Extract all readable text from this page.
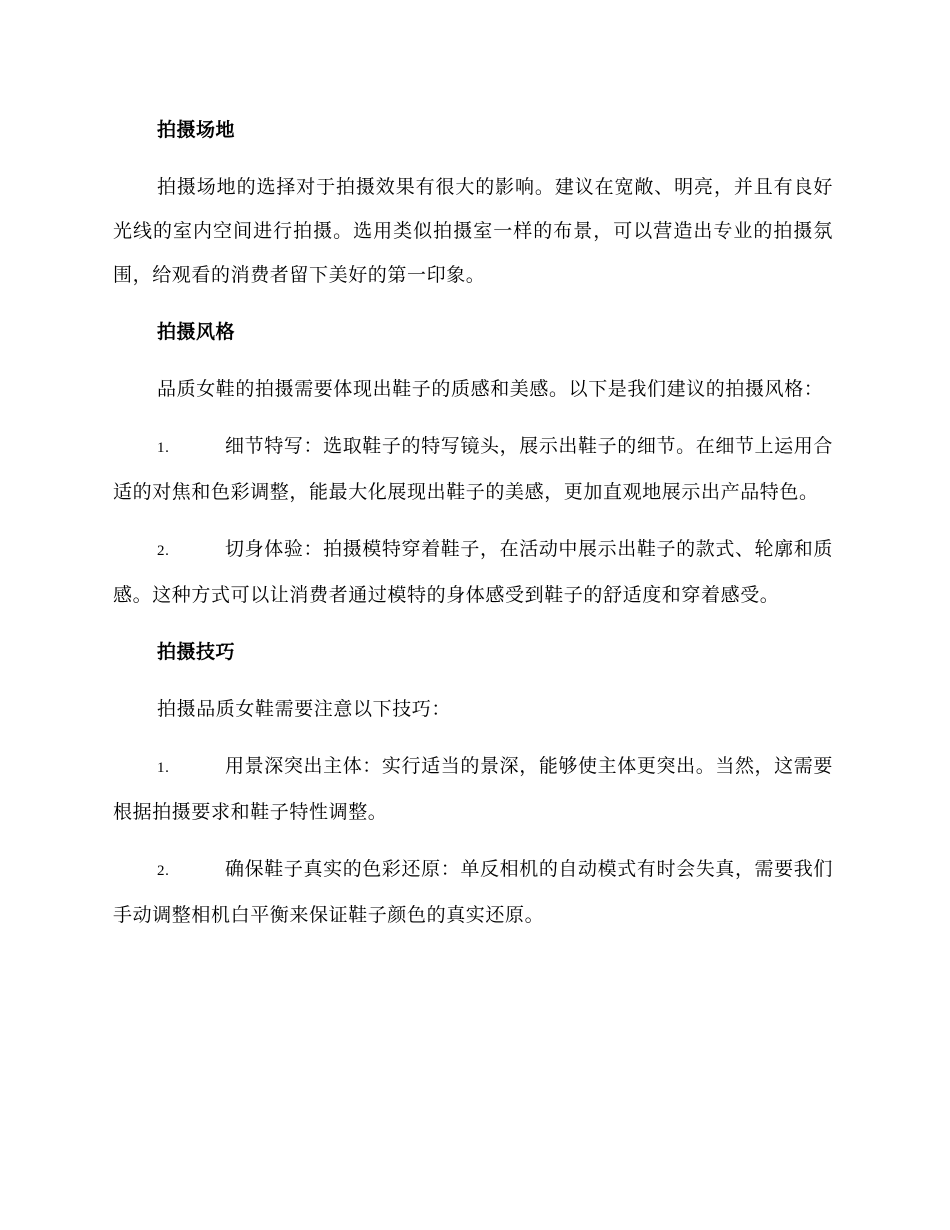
拍摄场地
拍摄场地的选择对于拍摄效果有很大的影响。建议在宽敞、明亮，并且有良好光线的室内空间进行拍摄。选用类似拍摄室一样的布景，可以营造出专业的拍摄氛围，给观看的消费者留下美好的第一印象。
拍摄风格
品质女鞋的拍摄需要体现出鞋子的质感和美感。以下是我们建议的拍摄风格：
1.	细节特写：选取鞋子的特写镜头，展示出鞋子的细节。在细节上运用合适的对焦和色彩调整，能最大化展现出鞋子的美感，更加直观地展示出产品特色。
2.	切身体验：拍摄模特穿着鞋子，在活动中展示出鞋子的款式、轮廓和质感。这种方式可以让消费者通过模特的身体感受到鞋子的舒适度和穿着感受。
拍摄技巧
拍摄品质女鞋需要注意以下技巧：
1.	用景深突出主体：实行适当的景深，能够使主体更突出。当然，这需要根据拍摄要求和鞋子特性调整。
2.	确保鞋子真实的色彩还原：单反相机的自动模式有时会失真，需要我们手动调整相机白平衡来保证鞋子颜色的真实还原。
